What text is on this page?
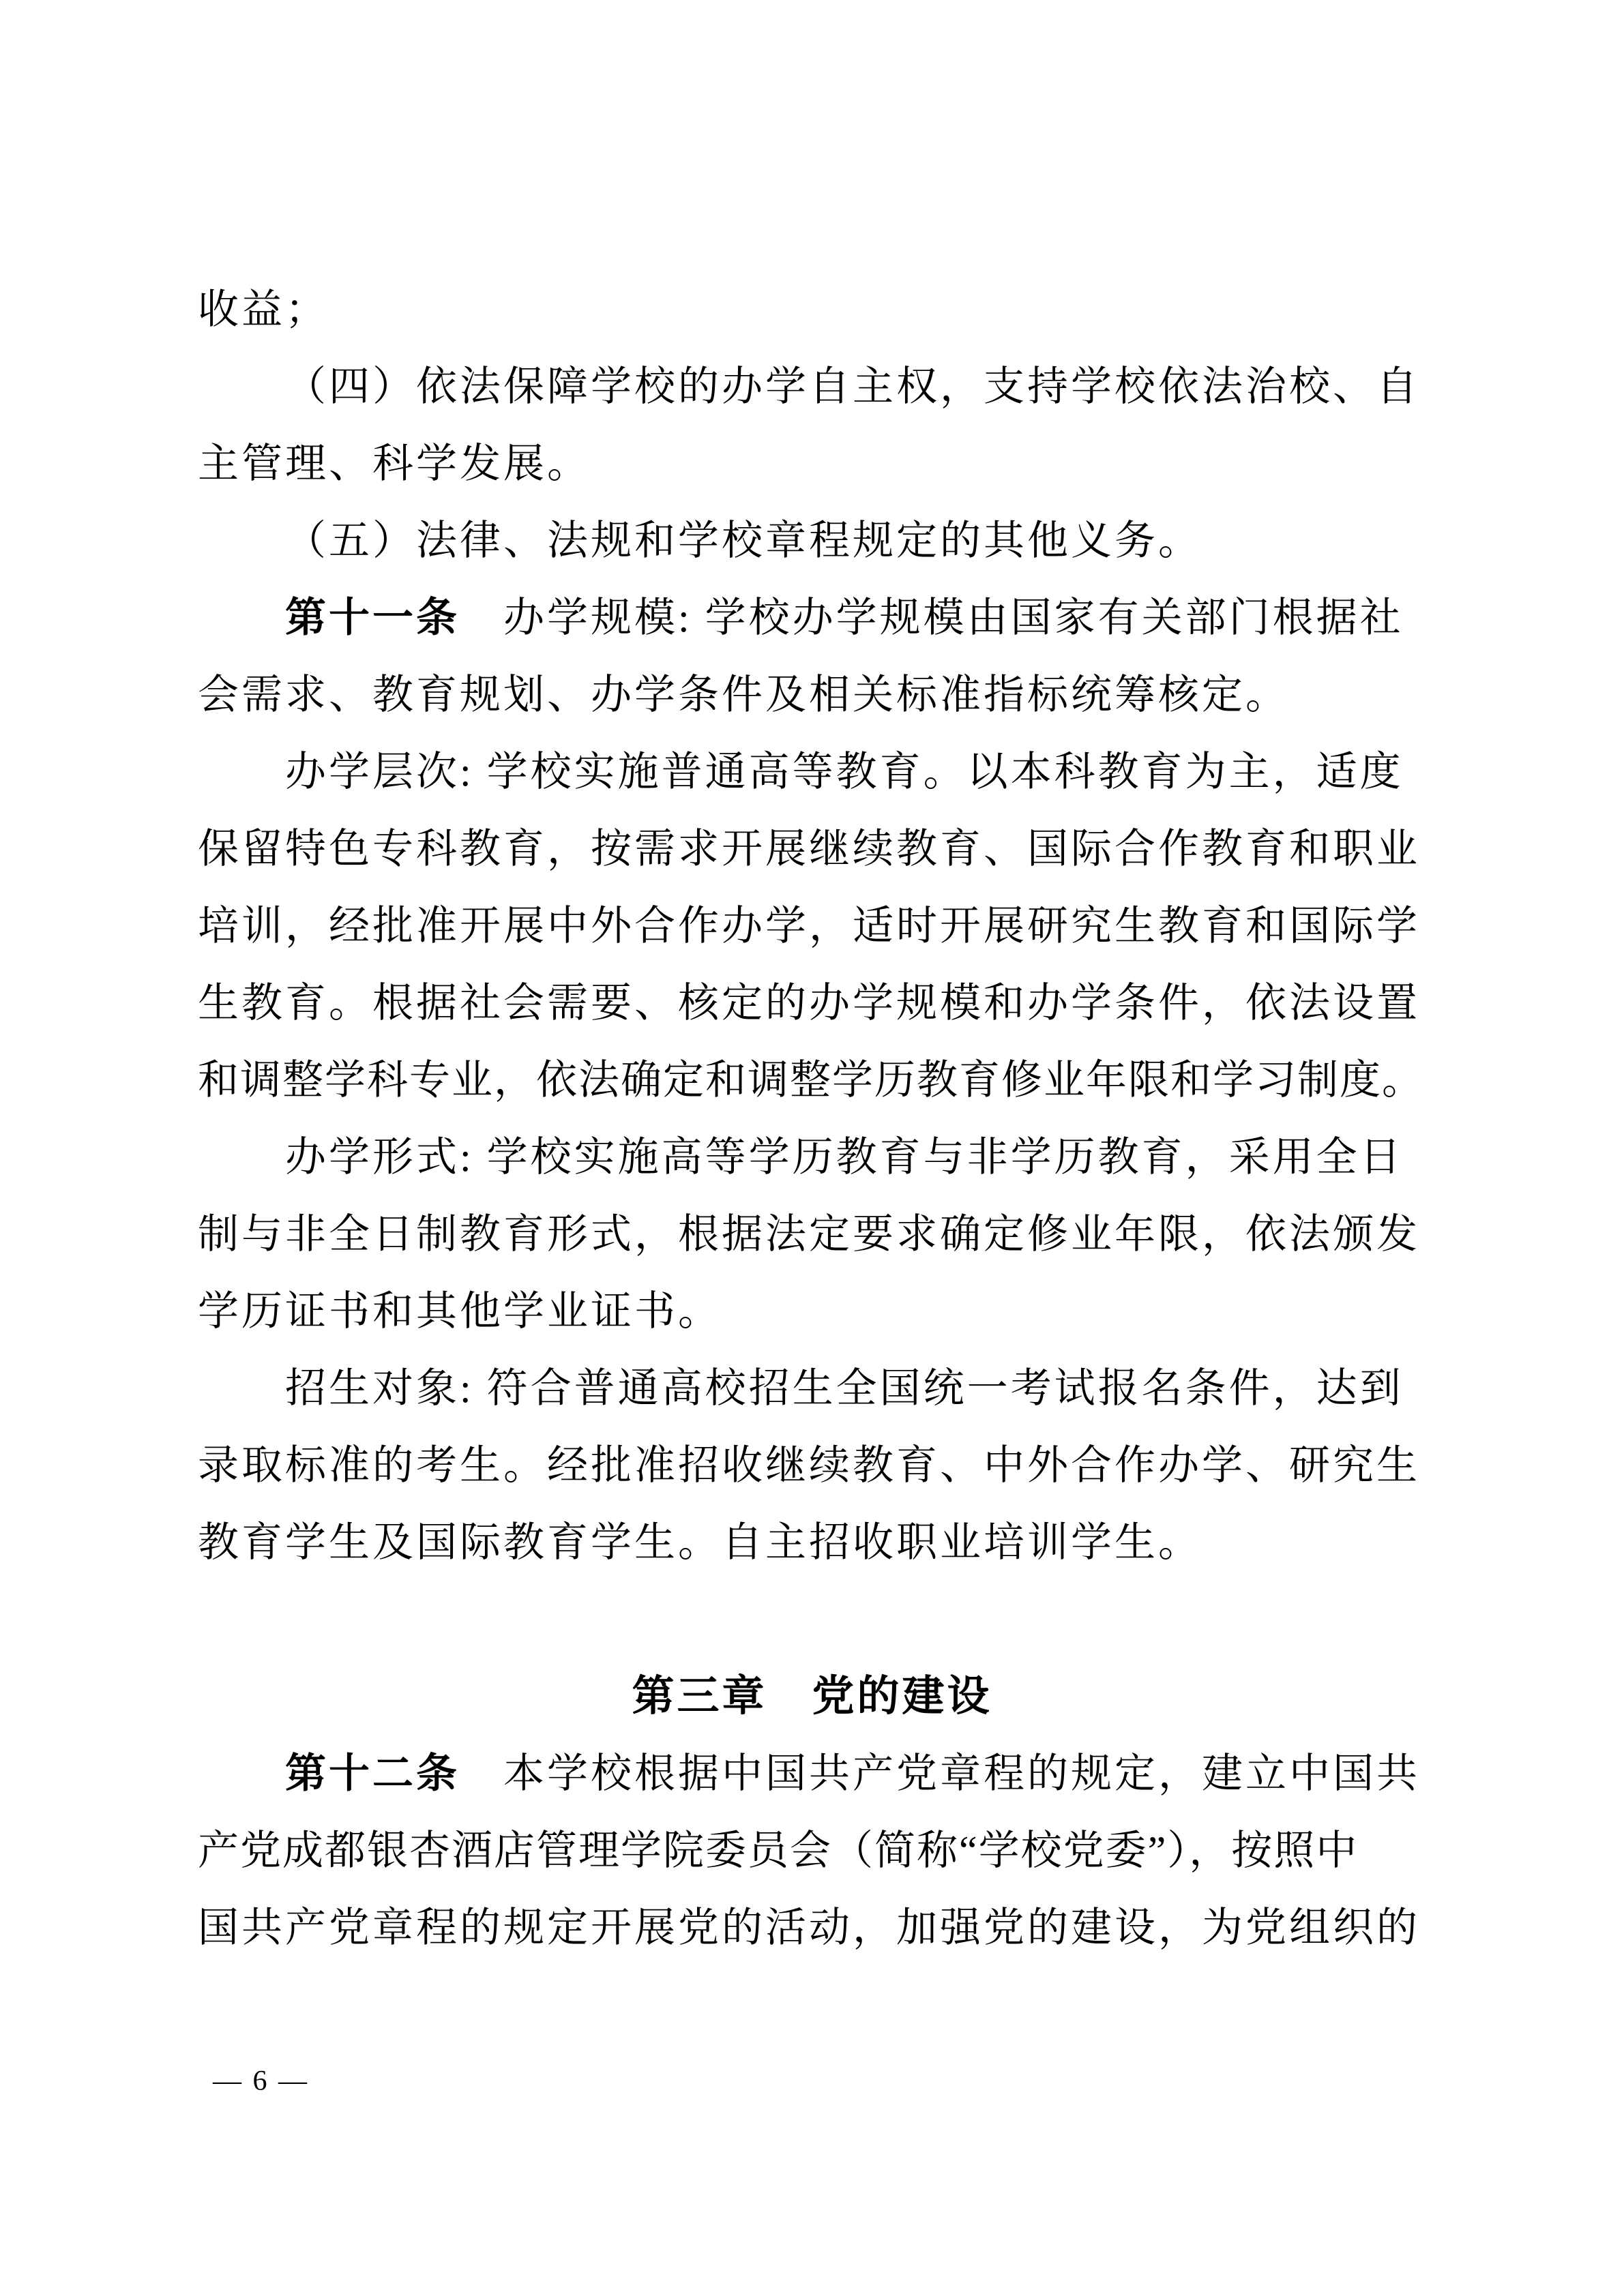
收益；
（四）依法保障学校的办学自主权，支持学校依法治校、自
主管理、科学发展。
（五）法律、法规和学校章程规定的其他义务。
第十一条　办学规模: 学校办学规模由国家有关部门根据社
会需求、教育规划、办学条件及相关标准指标统筹核定。
办学层次: 学校实施普通高等教育。以本科教育为主，适度
保留特色专科教育，按需求开展继续教育、国际合作教育和职业
培训，经批准开展中外合作办学，适时开展研究生教育和国际学
生教育。根据社会需要、核定的办学规模和办学条件，依法设置
和调整学科专业，依法确定和调整学历教育修业年限和学习制度。
办学形式: 学校实施高等学历教育与非学历教育，采用全日
制与非全日制教育形式，根据法定要求确定修业年限，依法颁发
学历证书和其他学业证书。
招生对象: 符合普通高校招生全国统一考试报名条件，达到
录取标准的考生。经批准招收继续教育、中外合作办学、研究生
教育学生及国际教育学生。自主招收职业培训学生。
第三章　党的建设
第十二条　本学校根据中国共产党章程的规定，建立中国共
产党成都银杏酒店管理学院委员会（简称“学校党委”），按照中
国共产党章程的规定开展党的活动，加强党的建设，为党组织的
— 6 —
